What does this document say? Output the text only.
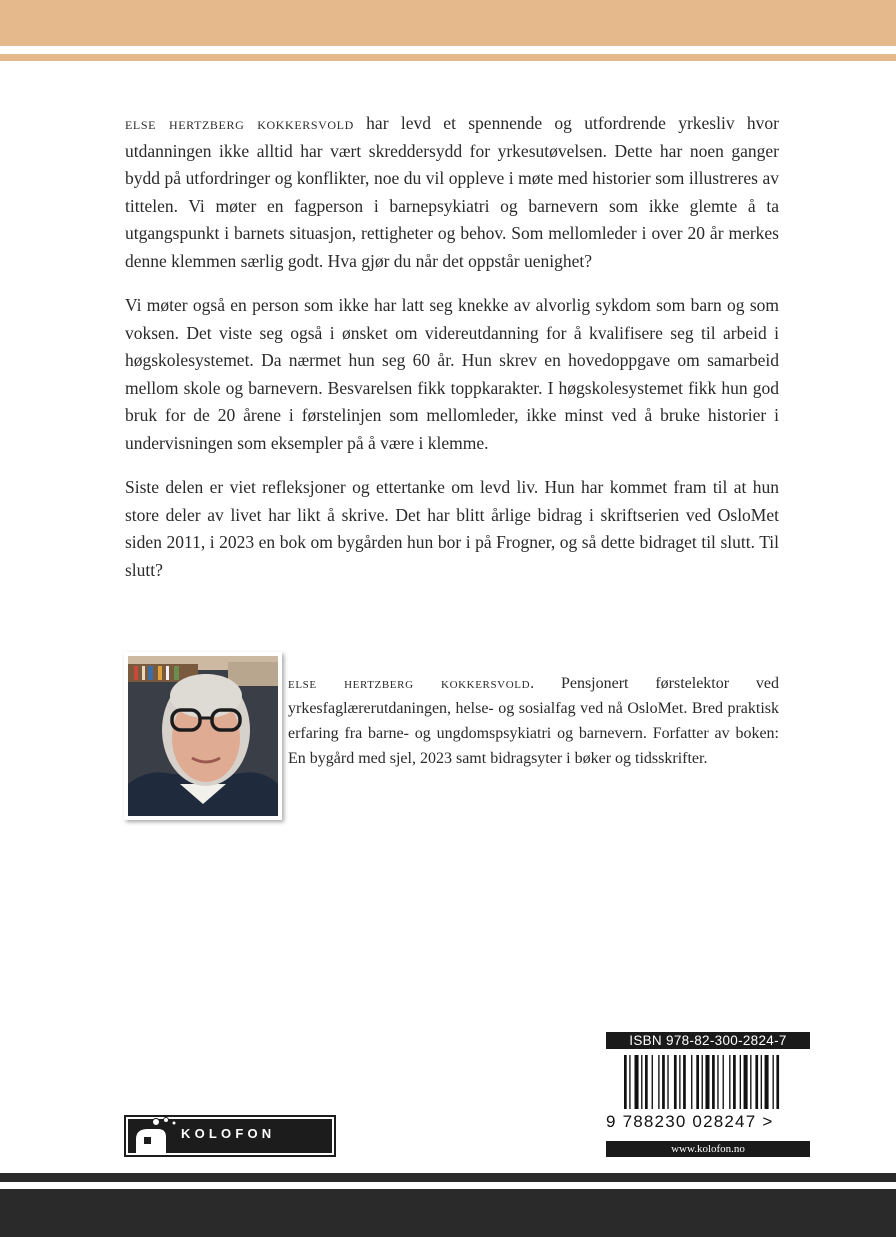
else hertzberg kokkersvold har levd et spennende og utfordrende yrkesliv hvor utdanningen ikke alltid har vært skreddersydd for yrkesutøvelsen. Dette har noen ganger bydd på utfordringer og konflikter, noe du vil oppleve i møte med historier som illustreres av tittelen. Vi møter en fagperson i barnepsykiatri og barnevern som ikke glemte å ta utgangspunkt i barnets situasjon, rettigheter og behov. Som mellomleder i over 20 år merkes denne klemmen særlig godt. Hva gjør du når det oppstår uenighet?

Vi møter også en person som ikke har latt seg knekke av alvorlig sykdom som barn og som voksen. Det viste seg også i ønsket om videreutdanning for å kvalifisere seg til arbeid i høgskolesystemet. Da nærmet hun seg 60 år. Hun skrev en hovedoppgave om samarbeid mellom skole og barnevern. Besvarelsen fikk toppkarakter. I høgskolesystemet fikk hun god bruk for de 20 årene i førstelinjen som mellomleder, ikke minst ved å bruke historier i undervisningen som eksempler på å være i klemme.

Siste delen er viet refleksjoner og ettertanke om levd liv. Hun har kommet fram til at hun store deler av livet har likt å skrive. Det har blitt årlige bidrag i skriftserien ved OsloMet siden 2011, i 2023 en bok om bygården hun bor i på Frogner, og så dette bidraget til slutt. Til slutt?

else hertzberg kokkersvold. Pensjonert førstelektor ved yrkesfaglærerutdaningen, helse- og sosialfag ved nå OsloMet. Bred praktisk erfaring fra barne- og ungdomspsykiatri og barnevern. Forfatter av boken: En bygård med sjel, 2023 samt bidragsyter i bøker og tidsskrifter.
KOLOFON
ISBN 978-82-300-2824-7
9 788230 028247 >
www.kolofon.no
